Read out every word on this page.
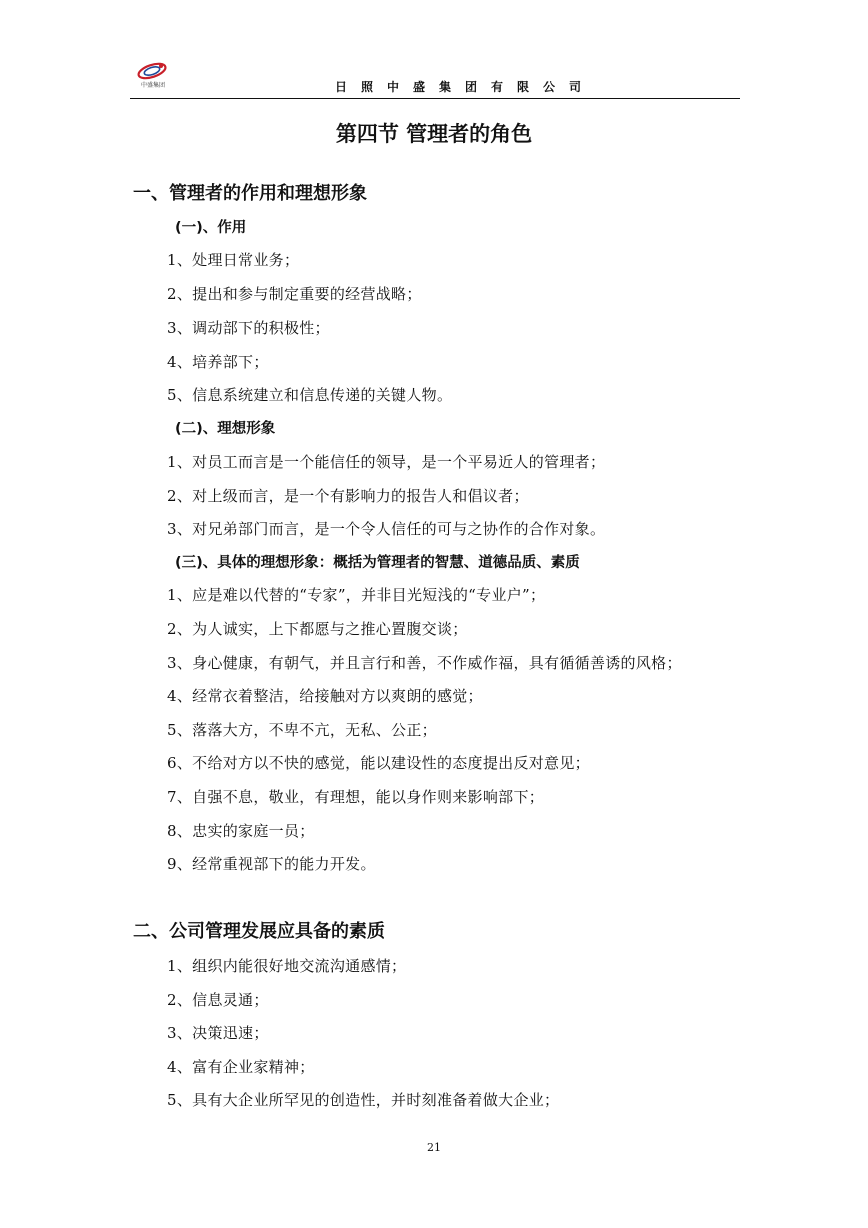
中盛集团	日照中盛集团有限公司
第四节 管理者的角色
一、管理者的作用和理想形象
(一)、作用
1、处理日常业务；
2、提出和参与制定重要的经营战略；
3、调动部下的积极性；
4、培养部下；
5、信息系统建立和信息传递的关键人物。
(二)、理想形象
1、对员工而言是一个能信任的领导，是一个平易近人的管理者；
2、对上级而言，是一个有影响力的报告人和倡议者；
3、对兄弟部门而言，是一个令人信任的可与之协作的合作对象。
(三)、具体的理想形象：概括为管理者的智慧、道德品质、素质
1、应是难以代替的“专家”，并非目光短浅的“专业户”；
2、为人诚实，上下都愿与之推心置腹交谈；
3、身心健康，有朝气，并且言行和善，不作威作福，具有循循善诱的风格；
4、经常衣着整洁，给接触对方以爽朗的感觉；
5、落落大方，不卑不亢，无私、公正；
6、不给对方以不快的感觉，能以建设性的态度提出反对意见；
7、自强不息，敬业，有理想，能以身作则来影响部下；
8、忠实的家庭一员；
9、经常重视部下的能力开发。
二、公司管理发展应具备的素质
1、组织内能很好地交流沟通感情；
2、信息灵通；
3、决策迅速；
4、富有企业家精神；
5、具有大企业所罕见的创造性，并时刻准备着做大企业；
21
